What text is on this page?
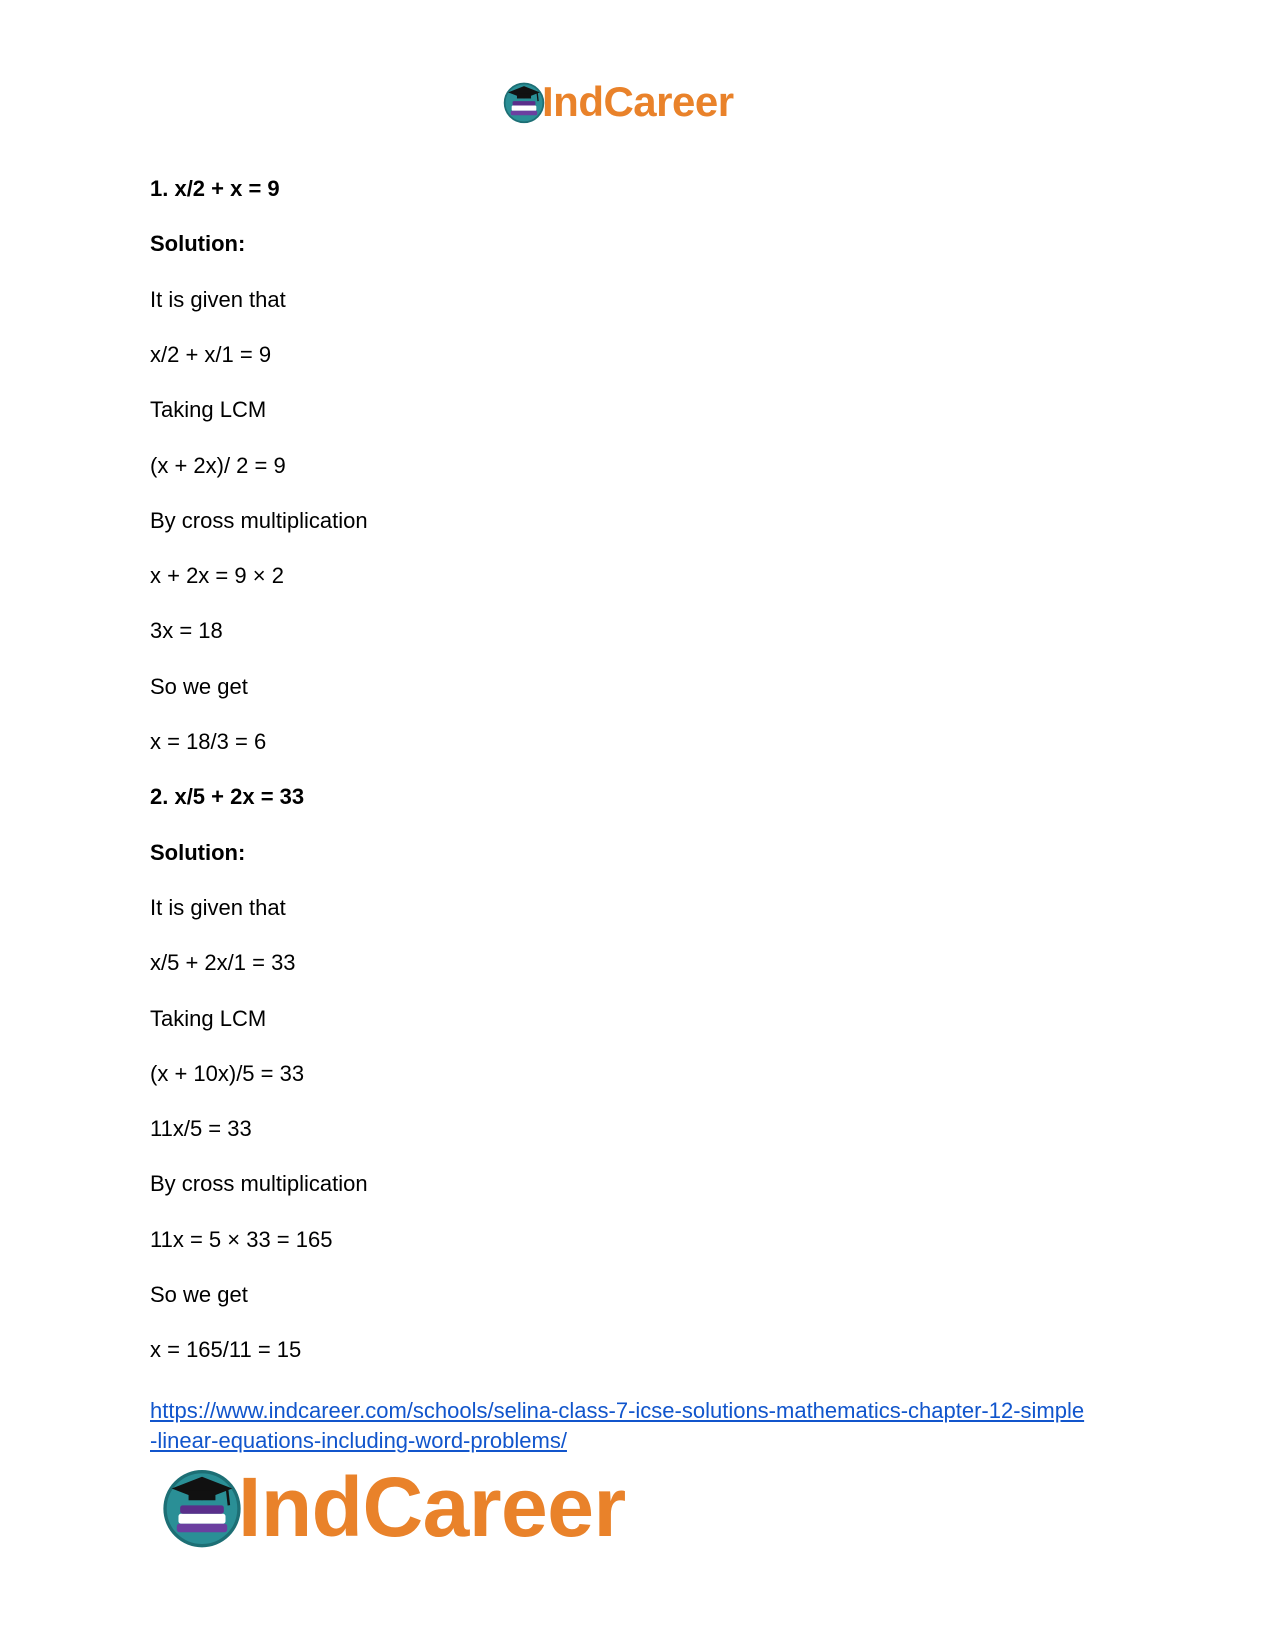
IndCareer
1. x/2 + x = 9
Solution:
It is given that
x/2 + x/1 = 9
Taking LCM
(x + 2x)/ 2 = 9
By cross multiplication
x + 2x = 9 × 2
3x = 18
So we get
x = 18/3 = 6
2. x/5 + 2x = 33
Solution:
It is given that
x/5 + 2x/1 = 33
Taking LCM
(x + 10x)/5 = 33
11x/5 = 33
By cross multiplication
11x = 5 × 33 = 165
So we get
x = 165/11 = 15
https://www.indcareer.com/schools/selina-class-7-icse-solutions-mathematics-chapter-12-simple
-linear-equations-including-word-problems/
IndCareer
